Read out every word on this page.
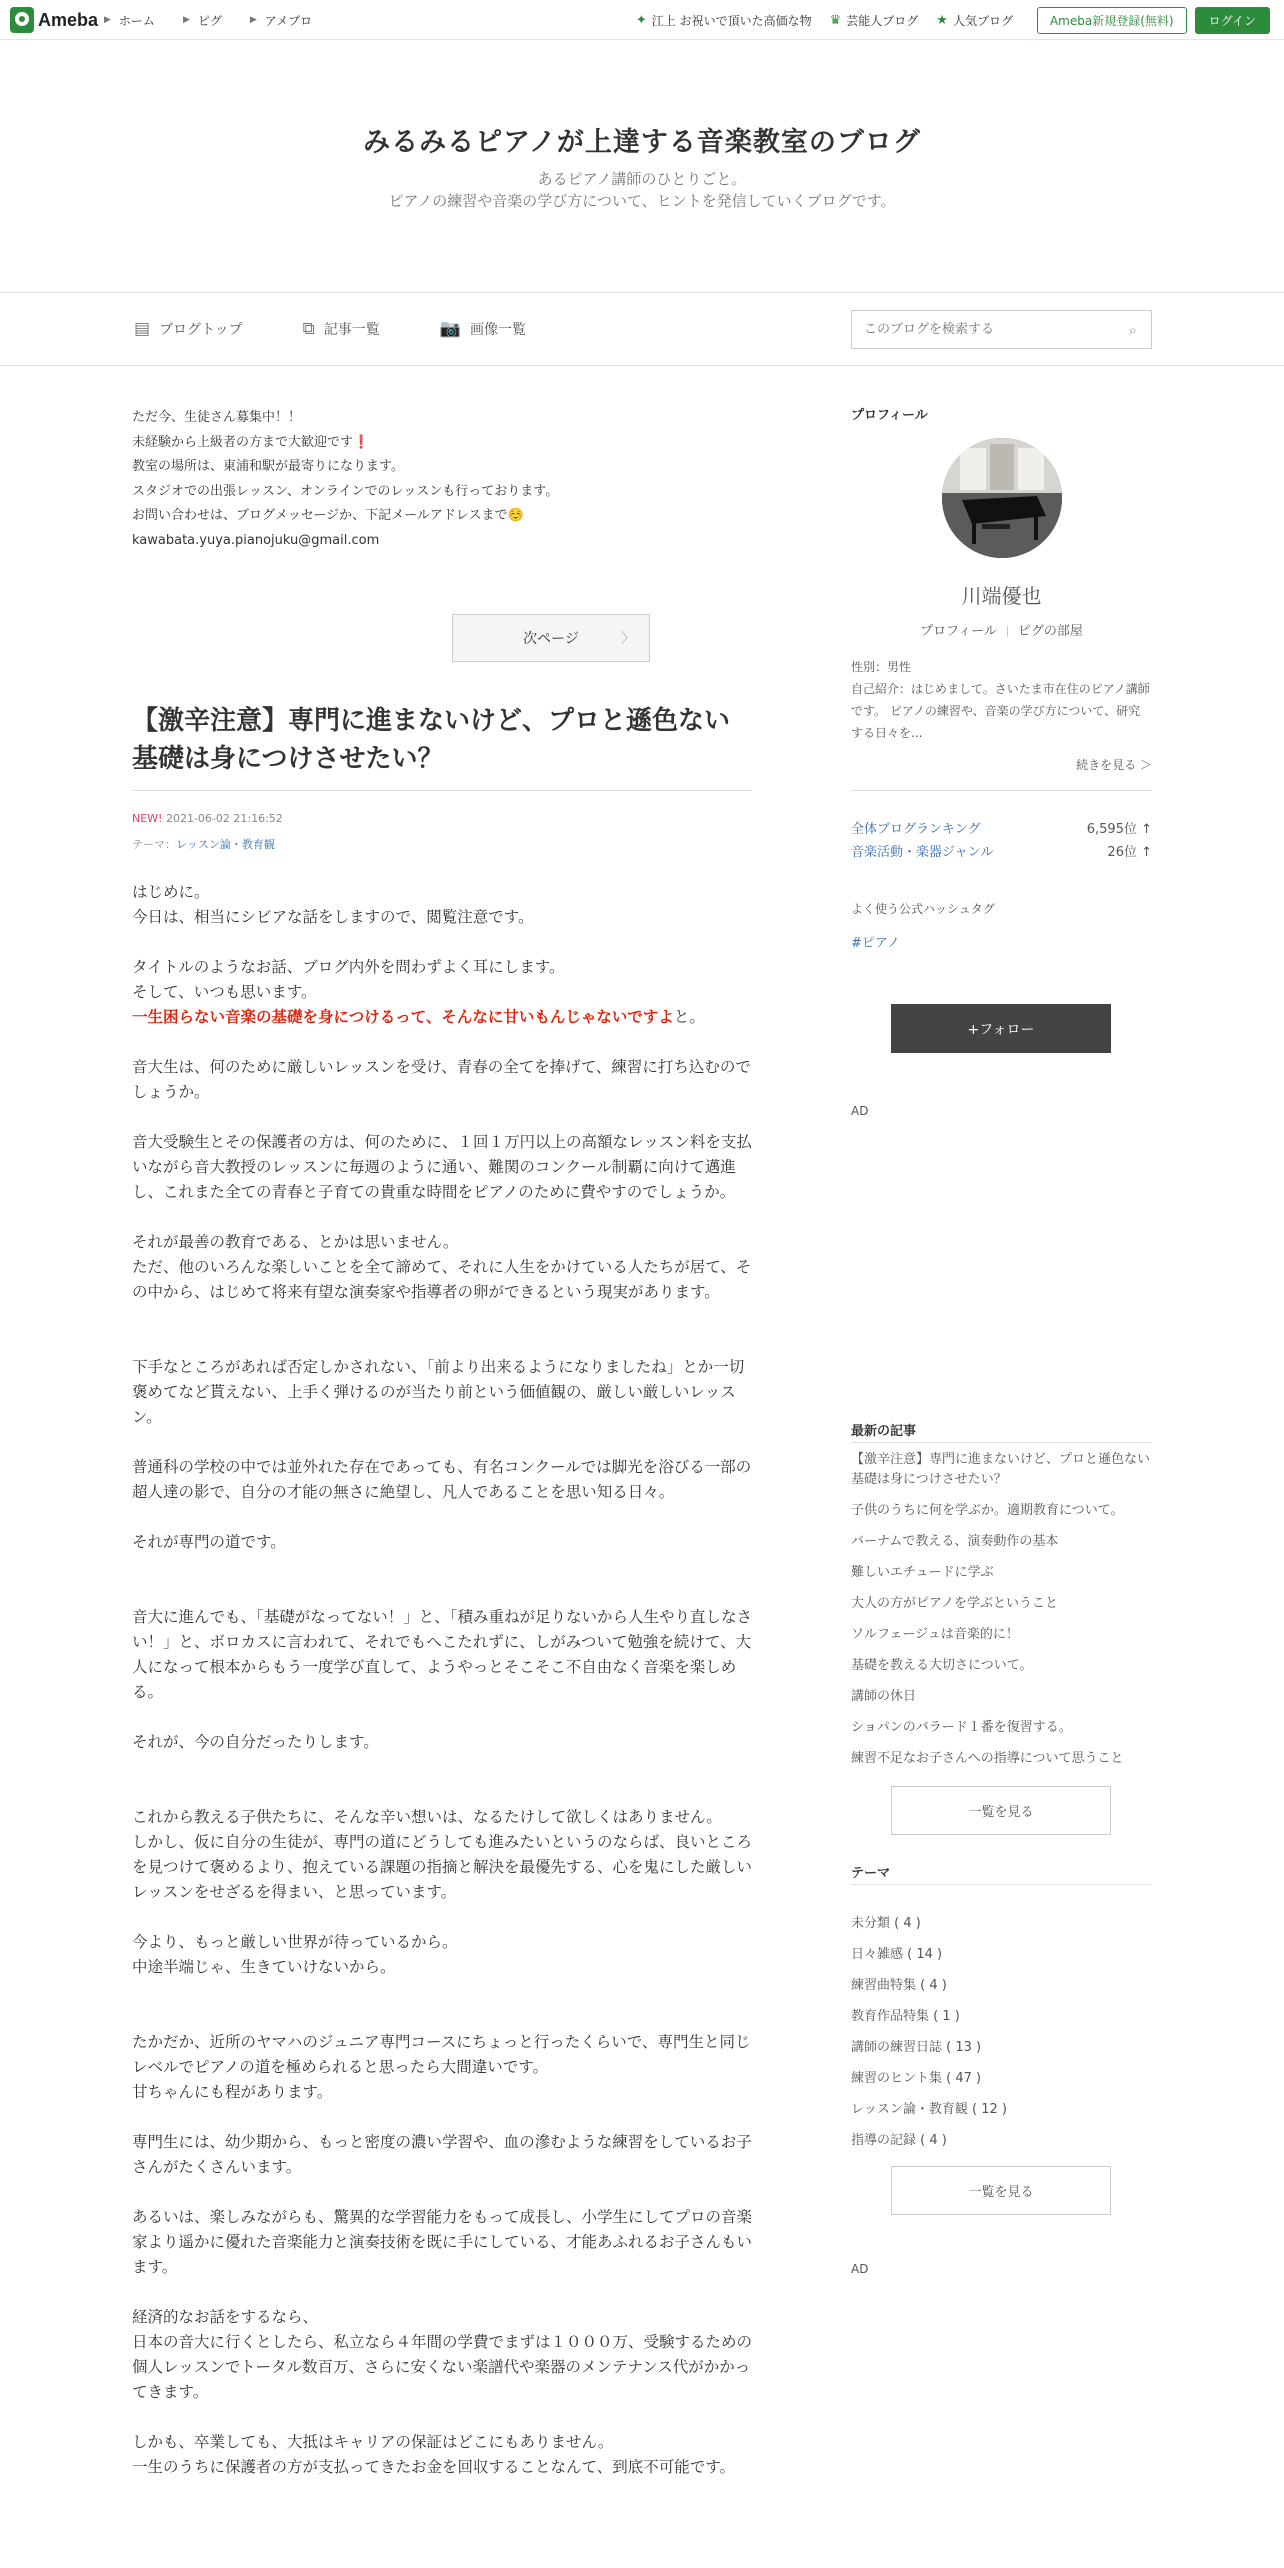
Ameba ▶ ホーム	▶ ピグ	▶ アメブロ	✦ 江上 お祝いで頂いた高価な物 ♛ 芸能人ブログ ★ 人気ブログ	Ameba新規登録(無料)	ログイン
みるみるピアノが上達する音楽教室のブログ
あるピアノ講師のひとりごと。
ピアノの練習や音楽の学び方について、ヒントを発信していくブログです。
▤ ブログトップ	⧉ 記事一覧	📷 画像一覧
このブログを検索する	⌕
ただ今、生徒さん募集中！！
未経験から上級者の方まで大歓迎です❗️
教室の場所は、東浦和駅が最寄りになります。
スタジオでの出張レッスン、オンラインでのレッスンも行っております。
お問い合わせは、ブログメッセージか、下記メールアドレスまで☺️
kawabata.yuya.pianojuku@gmail.com
次ページ	〉
【激辛注意】専門に進まないけど、プロと遜色ない基礎は身につけさせたい？
NEW! 2021-06-02 21:16:52
テーマ：レッスン論・教育観

はじめに。

今日は、相当にシビアな話をしますので、閲覧注意です。

タイトルのようなお話、ブログ内外を問わずよく耳にします。

そして、いつも思います。

一生困らない音楽の基礎を身につけるって、そんなに甘いもんじゃないですよと。

音大生は、何のために厳しいレッスンを受け、青春の全てを捧げて、練習に打ち込むのでしょうか。

音大受験生とその保護者の方は、何のために、１回１万円以上の高額なレッスン料を支払いながら音大教授のレッスンに毎週のように通い、難関のコンクール制覇に向けて邁進し、これまた全ての青春と子育ての貴重な時間をピアノのために費やすのでしょうか。

それが最善の教育である、とかは思いません。

ただ、他のいろんな楽しいことを全て諦めて、それに人生をかけている人たちが居て、その中から、はじめて将来有望な演奏家や指導者の卵ができるという現実があります。

下手なところがあれば否定しかされない、「前より出来るようになりましたね」とか一切褒めてなど貰えない、上手く弾けるのが当たり前という価値観の、厳しい厳しいレッスン。

普通科の学校の中では並外れた存在であっても、有名コンクールでは脚光を浴びる一部の超人達の影で、自分の才能の無さに絶望し、凡人であることを思い知る日々。

それが専門の道です。

音大に進んでも、「基礎がなってない！」と、「積み重ねが足りないから人生やり直しなさい！」と、ボロカスに言われて、それでもへこたれずに、しがみついて勉強を続けて、大人になって根本からもう一度学び直して、ようやっとそこそこ不自由なく音楽を楽しめる。

それが、今の自分だったりします。

これから教える子供たちに、そんな辛い想いは、なるたけして欲しくはありません。

しかし、仮に自分の生徒が、専門の道にどうしても進みたいというのならば、良いところを見つけて褒めるより、抱えている課題の指摘と解決を最優先する、心を鬼にした厳しいレッスンをせざるを得まい、と思っています。

今より、もっと厳しい世界が待っているから。

中途半端じゃ、生きていけないから。

たかだか、近所のヤマハのジュニア専門コースにちょっと行ったくらいで、専門生と同じレベルでピアノの道を極められると思ったら大間違いです。

甘ちゃんにも程があります。

専門生には、幼少期から、もっと密度の濃い学習や、血の滲むような練習をしているお子さんがたくさんいます。

あるいは、楽しみながらも、驚異的な学習能力をもって成長し、小学生にしてプロの音楽家より遥かに優れた音楽能力と演奏技術を既に手にしている、才能あふれるお子さんもいます。

経済的なお話をするなら、

日本の音大に行くとしたら、私立なら４年間の学費でまずは１０００万、受験するための個人レッスンでトータル数百万、さらに安くない楽譜代や楽器のメンテナンス代がかかってきます。

しかも、卒業しても、大抵はキャリアの保証はどこにもありません。

一生のうちに保護者の方が支払ってきたお金を回収することなんて、到底不可能です。

プロフィール
川端優也
プロフィール ピグの部屋
性別：男性
自己紹介：はじめまして。さいたま市在住のピアノ講師です。 ピアノの練習や、音楽の学び方について、研究する日々を...
続きを見る ＞
全体ブログランキング	6,595位 ↑
音楽活動・楽器ジャンル	26位 ↑
よく使う公式ハッシュタグ
#ピアノ
+フォロー
AD
最新の記事
【激辛注意】専門に進まないけど、プロと遜色ない基礎は身につけさせたい？
子供のうちに何を学ぶか。適期教育について。
バーナムで教える、演奏動作の基本
難しいエチュードに学ぶ
大人の方がピアノを学ぶということ
ソルフェージュは音楽的に！
基礎を教える大切さについて。
講師の休日
ショパンのバラード１番を復習する。
練習不足なお子さんへの指導について思うこと
一覧を見る
テーマ
未分類 ( 4 )
日々雑感 ( 14 )
練習曲特集 ( 4 )
教育作品特集 ( 1 )
講師の練習日誌 ( 13 )
練習のヒント集 ( 47 )
レッスン論・教育観 ( 12 )
指導の記録 ( 4 )
一覧を見る
AD
